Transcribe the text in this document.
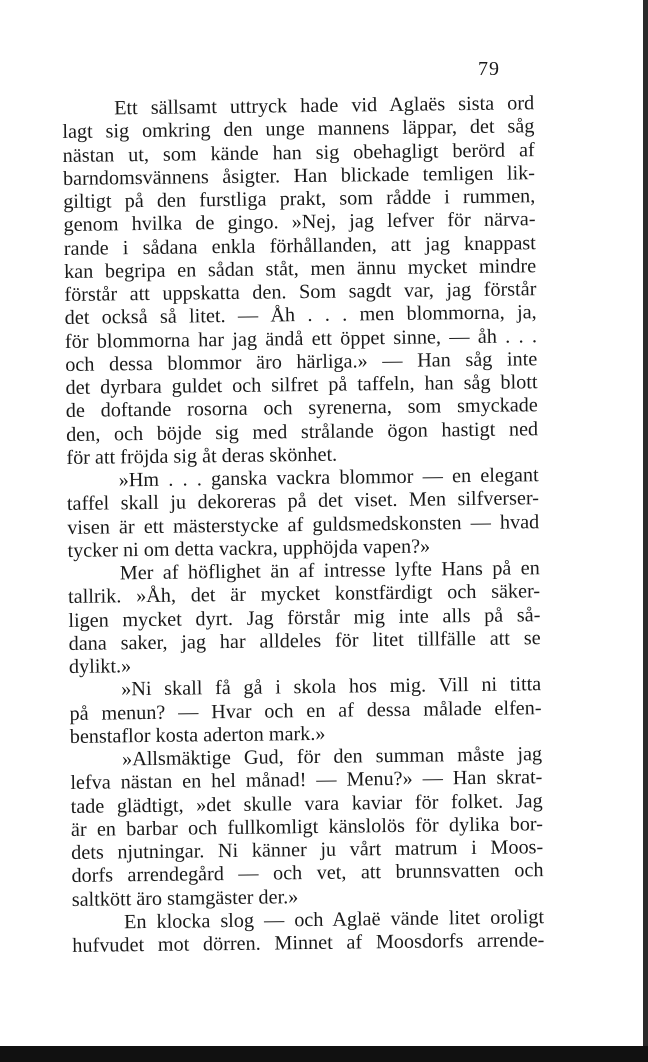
79
Ett sällsamt uttryck hade vid Aglaës sista ord
lagt sig omkring den unge mannens läppar, det såg
nästan ut, som kände han sig obehagligt berörd af
barndomsvännens åsigter. Han blickade temligen lik-
giltigt på den furstliga prakt, som rådde i rummen,
genom hvilka de gingo. »Nej, jag lefver för närva-
rande i sådana enkla förhållanden, att jag knappast
kan begripa en sådan ståt, men ännu mycket mindre
förstår att uppskatta den. Som sagdt var, jag förstår
det också så litet. — Åh . . . men blommorna, ja,
för blommorna har jag ändå ett öppet sinne, — åh . . .
och dessa blommor äro härliga.» — Han såg inte
det dyrbara guldet och silfret på taffeln, han såg blott
de doftande rosorna och syrenerna, som smyckade
den, och böjde sig med strålande ögon hastigt ned
för att fröjda sig åt deras skönhet.
»Hm . . . ganska vackra blommor — en elegant
taffel skall ju dekoreras på det viset. Men silfverser-
visen är ett mästerstycke af guldsmedskonsten — hvad
tycker ni om detta vackra, upphöjda vapen?»
Mer af höflighet än af intresse lyfte Hans på en
tallrik. »Åh, det är mycket konstfärdigt och säker-
ligen mycket dyrt. Jag förstår mig inte alls på så-
dana saker, jag har alldeles för litet tillfälle att se
dylikt.»
»Ni skall få gå i skola hos mig. Vill ni titta
på menun? — Hvar och en af dessa målade elfen-
benstaflor kosta aderton mark.»
»Allsmäktige Gud, för den summan måste jag
lefva nästan en hel månad! — Menu?» — Han skrat-
tade glädtigt, »det skulle vara kaviar för folket. Jag
är en barbar och fullkomligt känslolös för dylika bor-
dets njutningar. Ni känner ju vårt matrum i Moos-
dorfs arrendegård — och vet, att brunnsvatten och
saltkött äro stamgäster der.»
En klocka slog — och Aglaë vände litet oroligt
hufvudet mot dörren. Minnet af Moosdorfs arrende-
